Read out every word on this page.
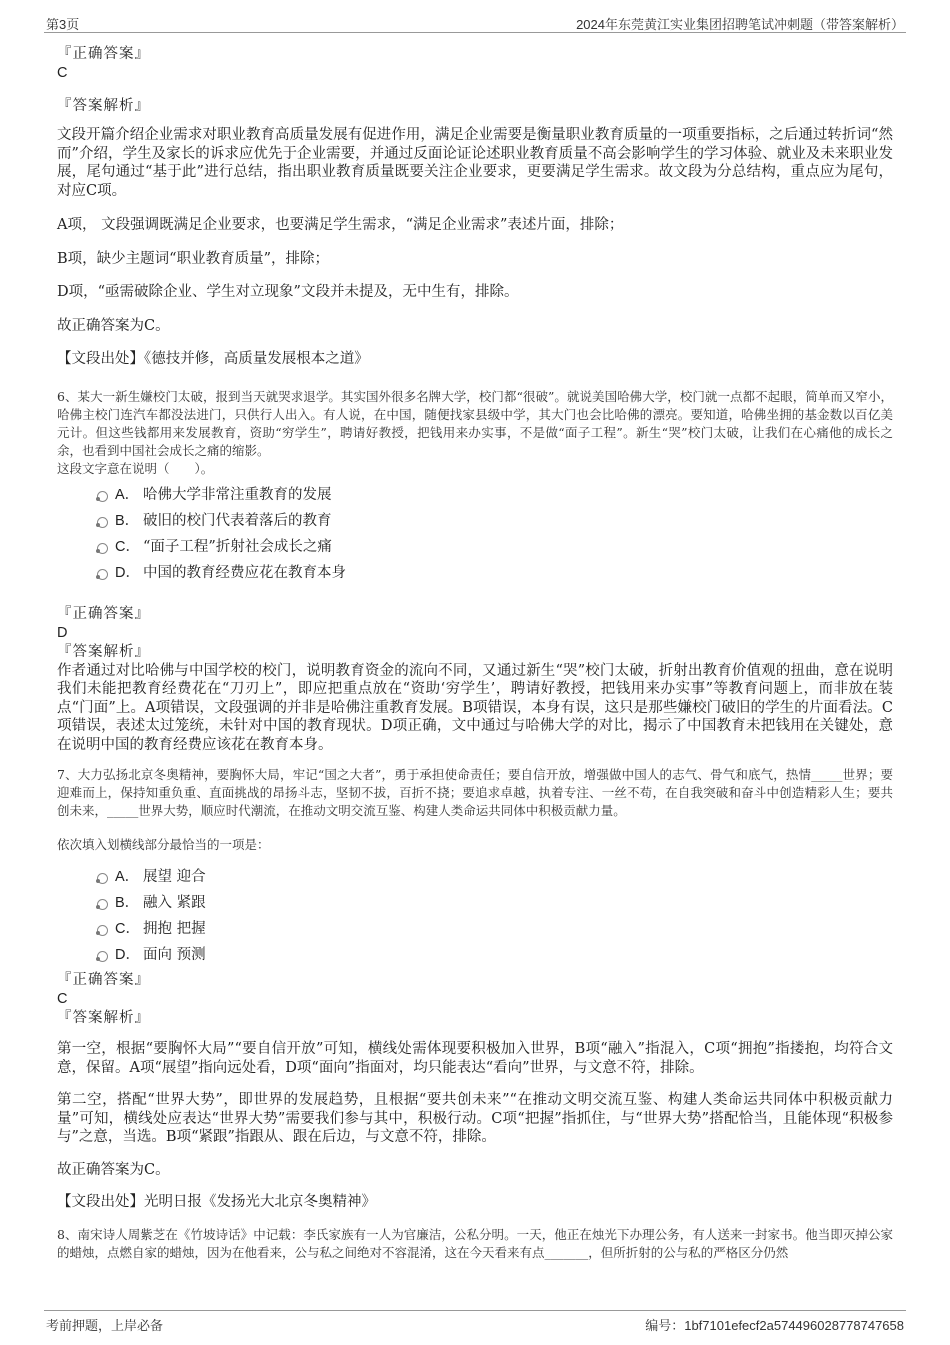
第3页	2024年东莞黄江实业集团招聘笔试冲刺题（带答案解析）

『正确答案』

C

『答案解析』

文段开篇介绍企业需求对职业教育高质量发展有促进作用，满足企业需要是衡量职业教育质量的一项重要指标，之后通过转折词“然而”介绍，学生及家长的诉求应优先于企业需要，并通过反面论证论述职业教育质量不高会影响学生的学习体验、就业及未来职业发展，尾句通过“基于此”进行总结，指出职业教育质量既要关注企业要求，更要满足学生需求。故文段为分总结构，重点应为尾句，对应C项。

A项， 文段强调既满足企业要求，也要满足学生需求，“满足企业需求”表述片面，排除；

B项，缺少主题词“职业教育质量”，排除；

D项，“亟需破除企业、学生对立现象”文段并未提及，无中生有，排除。

故正确答案为C。

【文段出处】《德技并修，高质量发展根本之道》

6、某大一新生嫌校门太破，报到当天就哭求退学。其实国外很多名牌大学，校门都“很破”。就说美国哈佛大学，校门就一点都不起眼，简单而又窄小，哈佛主校门连汽车都没法进门，只供行人出入。有人说，在中国，随便找家县级中学，其大门也会比哈佛的漂亮。要知道，哈佛坐拥的基金数以百亿美元计。但这些钱都用来发展教育，资助“穷学生”，聘请好教授，把钱用来办实事，不是做“面子工程”。新生“哭”校门太破，让我们在心痛他的成长之余，也看到中国社会成长之痛的缩影。

这段文字意在说明（　　）。

A． 哈佛大学非常注重教育的发展
B． 破旧的校门代表着落后的教育
C． “面子工程”折射社会成长之痛
D． 中国的教育经费应花在教育本身

『正确答案』

D

『答案解析』

作者通过对比哈佛与中国学校的校门，说明教育资金的流向不同，又通过新生“哭”校门太破，折射出教育价值观的扭曲，意在说明我们未能把教育经费花在“刀刃上”，即应把重点放在“资助‘穷学生’，聘请好教授，把钱用来办实事”等教育问题上，而非放在装点“门面”上。A项错误，文段强调的并非是哈佛注重教育发展。B项错误，本身有误，这只是那些嫌校门破旧的学生的片面看法。C项错误，表述太过笼统，未针对中国的教育现状。D项正确，文中通过与哈佛大学的对比，揭示了中国教育未把钱用在关键处，意在说明中国的教育经费应该花在教育本身。

7、大力弘扬北京冬奥精神，要胸怀大局，牢记“国之大者”，勇于承担使命责任；要自信开放，增强做中国人的志气、骨气和底气，热情_____世界；要迎难而上，保持知重负重、直面挑战的昂扬斗志，坚韧不拔，百折不挠；要追求卓越，执着专注、一丝不苟，在自我突破和奋斗中创造精彩人生；要共创未来，_____世界大势，顺应时代潮流，在推动文明交流互鉴、构建人类命运共同体中积极贡献力量。

依次填入划横线部分最恰当的一项是：

A． 展望 迎合
B． 融入 紧跟
C． 拥抱 把握
D． 面向 预测

『正确答案』

C

『答案解析』

第一空，根据“要胸怀大局”“要自信开放”可知，横线处需体现要积极加入世界，B项“融入”指混入，C项“拥抱”指搂抱，均符合文意，保留。A项“展望”指向远处看，D项“面向”指面对，均只能表达“看向”世界，与文意不符，排除。

第二空，搭配“世界大势”，即世界的发展趋势，且根据“要共创未来”“在推动文明交流互鉴、构建人类命运共同体中积极贡献力量”可知，横线处应表达“世界大势”需要我们参与其中，积极行动。C项“把握”指抓住，与“世界大势”搭配恰当，且能体现“积极参与”之意，当选。B项“紧跟”指跟从、跟在后边，与文意不符，排除。

故正确答案为C。

【文段出处】光明日报《发扬光大北京冬奥精神》

8、南宋诗人周紫芝在《竹坡诗话》中记载：李氏家族有一人为官廉洁，公私分明。一天，他正在烛光下办理公务，有人送来一封家书。他当即灭掉公家的蜡烛，点燃自家的蜡烛，因为在他看来，公与私之间绝对不容混淆，这在今天看来有点_______，但所折射的公与私的严格区分仍然

考前押题，上岸必备	编号：1bf7101efecf2a574496028778747658
